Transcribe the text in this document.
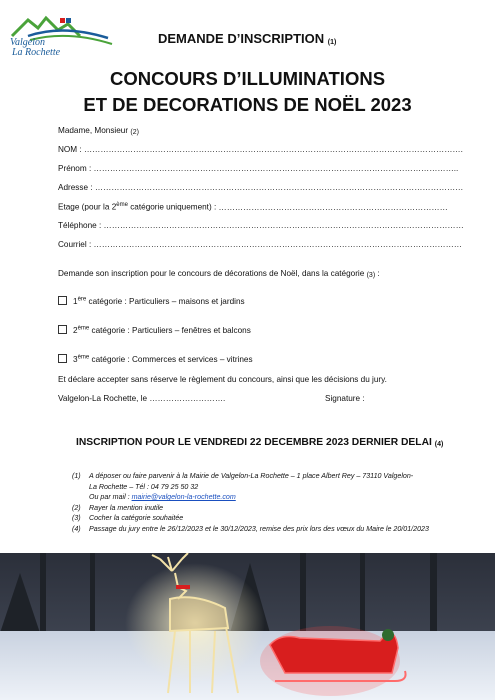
Valgelon
La Rochette
DEMANDE D’INSCRIPTION (1)
CONCOURS D’ILLUMINATIONS
ET DE DECORATIONS DE NOËL 2023
Madame, Monsieur (2)
NOM : ………………………………………………………………………………………………………………………….
Prénom : ……………………………………………………………………………………………………………………..
Adresse : ………………………………………………………………………………………………………………………
Etage (pour la 2ème catégorie uniquement) : …………………………………………………………………………
Téléphone : ……………………………………………………………………………………………………………………
Courriel : ………………………………………………………………………………………………………………………
Demande son inscription pour le concours de décorations de Noël, dans la catégorie (3) :
1ère catégorie : Particuliers – maisons et jardins
2ème catégorie : Particuliers – fenêtres et balcons
3ème catégorie : Commerces et services – vitrines
Et déclare accepter sans réserve le règlement du concours, ainsi que les décisions du jury.
Valgelon-La Rochette, le ……………………….	Signature :
INSCRIPTION POUR LE VENDREDI 22 DECEMBRE 2023 DERNIER DELAI (4)
(1)	A déposer ou faire parvenir à la Mairie de Valgelon-La Rochette – 1 place Albert Rey – 73110 Valgelon-
La Rochette – Tél : 04 79 25 50 32
Ou par mail : mairie@valgelon-la-rochette.com
(2)	Rayer la mention inutile
(3)	Cocher la catégorie souhaitée
(4)	Passage du jury entre le 26/12/2023 et le 30/12/2023, remise des prix lors des vœux du Maire le 20/01/2023
